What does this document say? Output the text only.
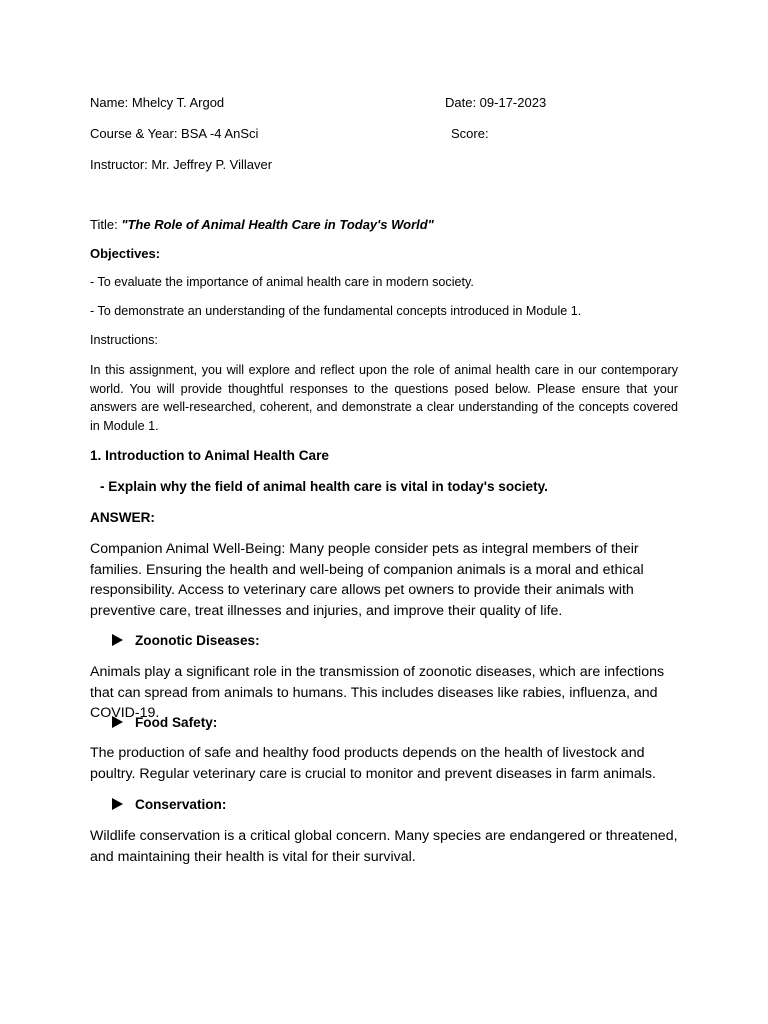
Name: Mhelcy T. Argod	Date: 09-17-2023
Course & Year: BSA -4 AnSci	Score:
Instructor: Mr. Jeffrey P. Villaver
Title: "The Role of Animal Health Care in Today's World"
Objectives:
- To evaluate the importance of animal health care in modern society.
- To demonstrate an understanding of the fundamental concepts introduced in Module 1.
Instructions:

In this assignment, you will explore and reflect upon the role of animal health care in our contemporary world. You will provide thoughtful responses to the questions posed below. Please ensure that your answers are well-researched, coherent, and demonstrate a clear understanding of the concepts covered in Module 1.

1. Introduction to Animal Health Care
- Explain why the field of animal health care is vital in today's society.
ANSWER:

Companion Animal Well-Being: Many people consider pets as integral members of their families. Ensuring the health and well-being of companion animals is a moral and ethical responsibility. Access to veterinary care allows pet owners to provide their animals with preventive care, treat illnesses and injuries, and improve their quality of life.

Zoonotic Diseases:

Animals play a significant role in the transmission of zoonotic diseases, which are infections that can spread from animals to humans. This includes diseases like rabies, influenza, and COVID-19.

Food Safety:

The production of safe and healthy food products depends on the health of livestock and poultry. Regular veterinary care is crucial to monitor and prevent diseases in farm animals.

Conservation:

Wildlife conservation is a critical global concern. Many species are endangered or threatened, and maintaining their health is vital for their survival.
